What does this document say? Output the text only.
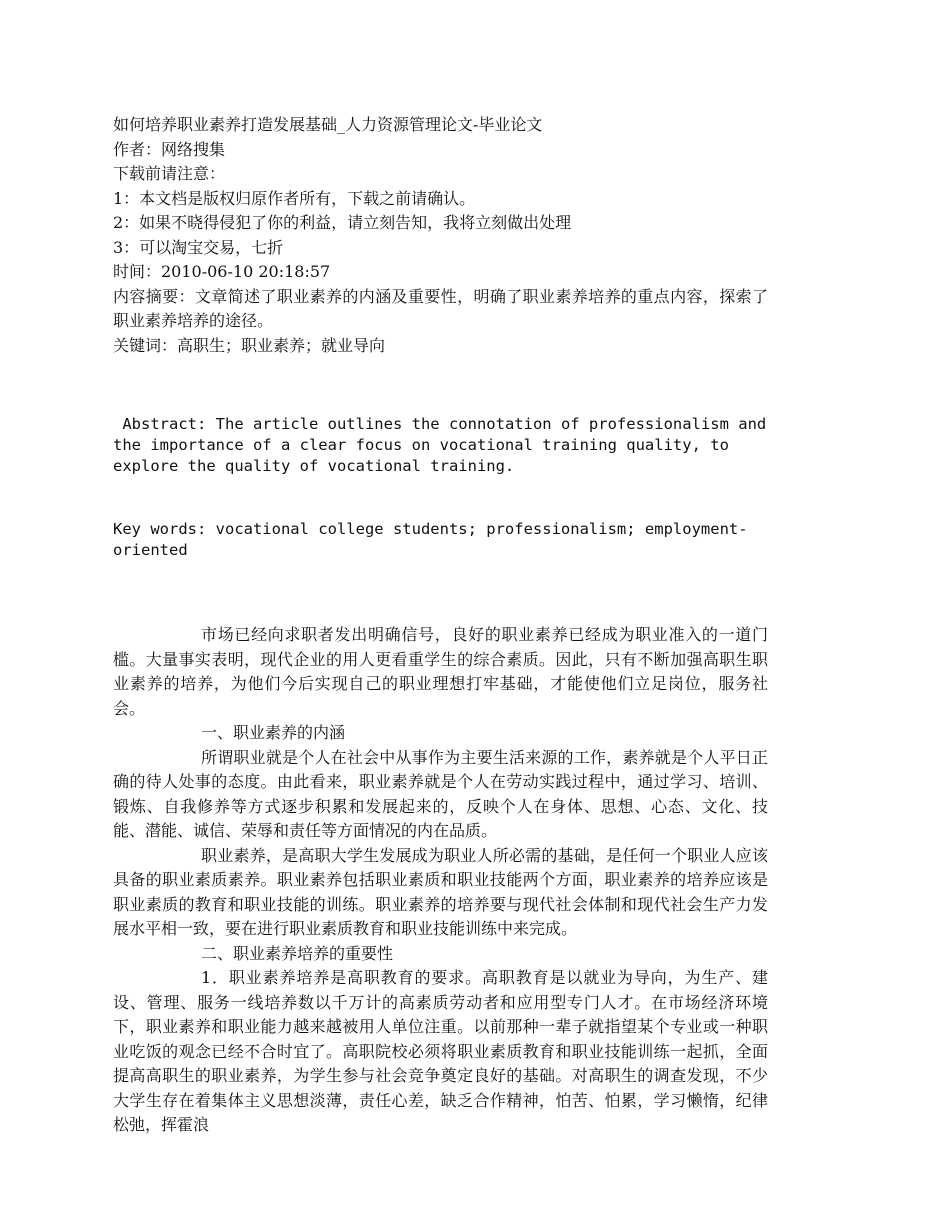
如何培养职业素养打造发展基础_人力资源管理论文-毕业论文
作者：网络搜集
下载前请注意：
1：本文档是版权归原作者所有，下载之前请确认。
2：如果不晓得侵犯了你的利益，请立刻告知，我将立刻做出处理
3：可以淘宝交易，七折
时间：2010-06-10 20:18:57
内容摘要：文章简述了职业素养的内涵及重要性，明确了职业素养培养的重点内容，探索了职业素养培养的途径。
关键词：高职生；职业素养；就业导向

Abstract: The article outlines the connotation of professionalism and the importance of a clear focus on vocational training quality, to explore the quality of vocational training.

Key words: vocational college students; professionalism; employment-oriented

市场已经向求职者发出明确信号，良好的职业素养已经成为职业准入的一道门槛。大量事实表明，现代企业的用人更看重学生的综合素质。因此，只有不断加强高职生职业素养的培养，为他们今后实现自己的职业理想打牢基础，才能使他们立足岗位，服务社会。

一、职业素养的内涵

所谓职业就是个人在社会中从事作为主要生活来源的工作，素养就是个人平日正确的待人处事的态度。由此看来，职业素养就是个人在劳动实践过程中，通过学习、培训、锻炼、自我修养等方式逐步积累和发展起来的，反映个人在身体、思想、心态、文化、技能、潜能、诚信、荣辱和责任等方面情况的内在品质。

职业素养，是高职大学生发展成为职业人所必需的基础，是任何一个职业人应该具备的职业素质素养。职业素养包括职业素质和职业技能两个方面，职业素养的培养应该是职业素质的教育和职业技能的训练。职业素养的培养要与现代社会体制和现代社会生产力发展水平相一致，要在进行职业素质教育和职业技能训练中来完成。

二、职业素养培养的重要性

1．职业素养培养是高职教育的要求。高职教育是以就业为导向，为生产、建设、管理、服务一线培养数以千万计的高素质劳动者和应用型专门人才。在市场经济环境下，职业素养和职业能力越来越被用人单位注重。以前那种一辈子就指望某个专业或一种职业吃饭的观念已经不合时宜了。高职院校必须将职业素质教育和职业技能训练一起抓，全面提高高职生的职业素养，为学生参与社会竞争奠定良好的基础。对高职生的调查发现，不少大学生存在着集体主义思想淡薄，责任心差，缺乏合作精神，怕苦、怕累，学习懒惰，纪律松弛，挥霍浪
